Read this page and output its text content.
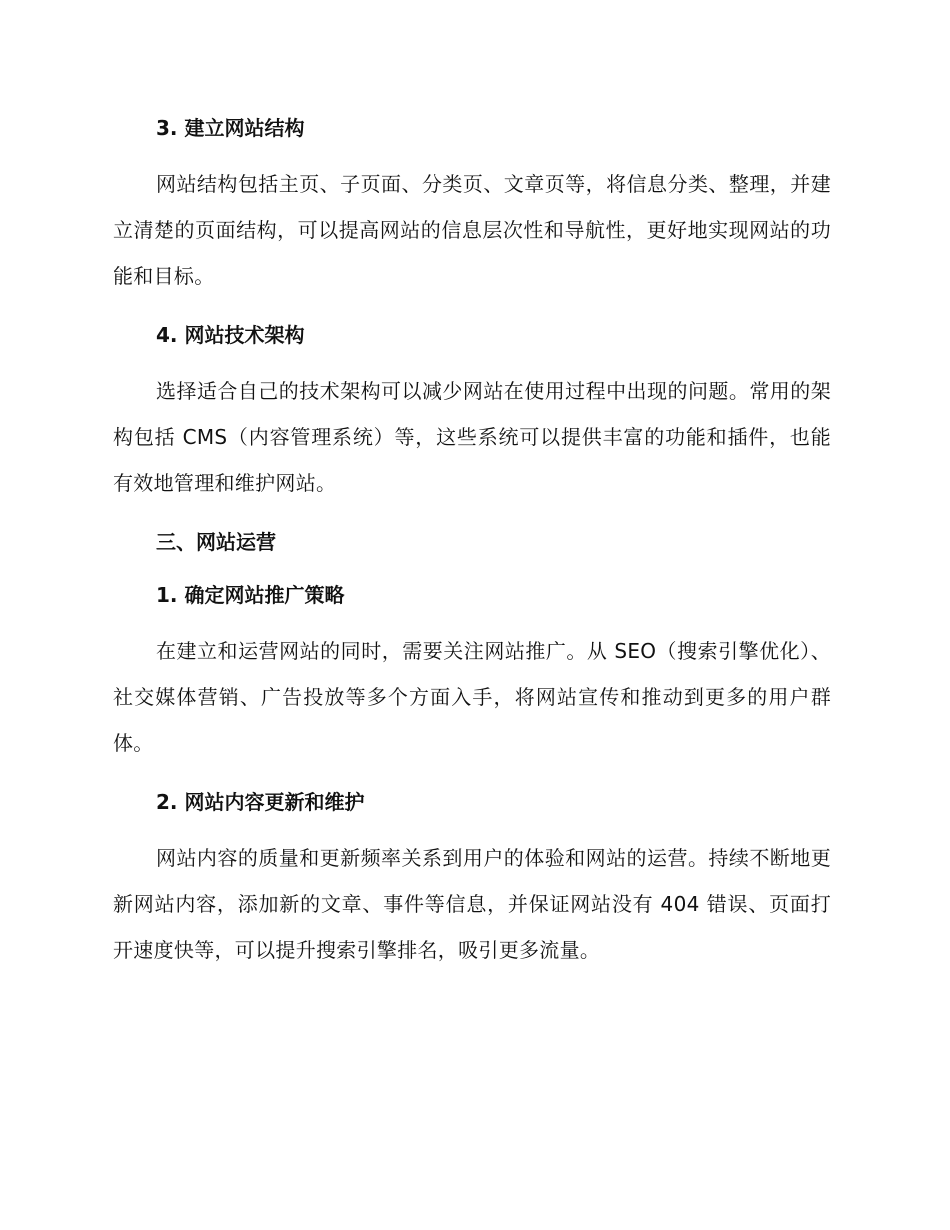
3. 建立网站结构

网站结构包括主页、子页面、分类页、文章页等，将信息分类、整理，并建立清楚的页面结构，可以提高网站的信息层次性和导航性，更好地实现网站的功能和目标。

4. 网站技术架构

选择适合自己的技术架构可以减少网站在使用过程中出现的问题。常用的架构包括 CMS（内容管理系统）等，这些系统可以提供丰富的功能和插件，也能有效地管理和维护网站。

三、网站运营
1. 确定网站推广策略

在建立和运营网站的同时，需要关注网站推广。从 SEO（搜索引擎优化）、社交媒体营销、广告投放等多个方面入手，将网站宣传和推动到更多的用户群体。

2. 网站内容更新和维护

网站内容的质量和更新频率关系到用户的体验和网站的运营。持续不断地更新网站内容，添加新的文章、事件等信息，并保证网站没有 404 错误、页面打开速度快等，可以提升搜索引擎排名，吸引更多流量。
